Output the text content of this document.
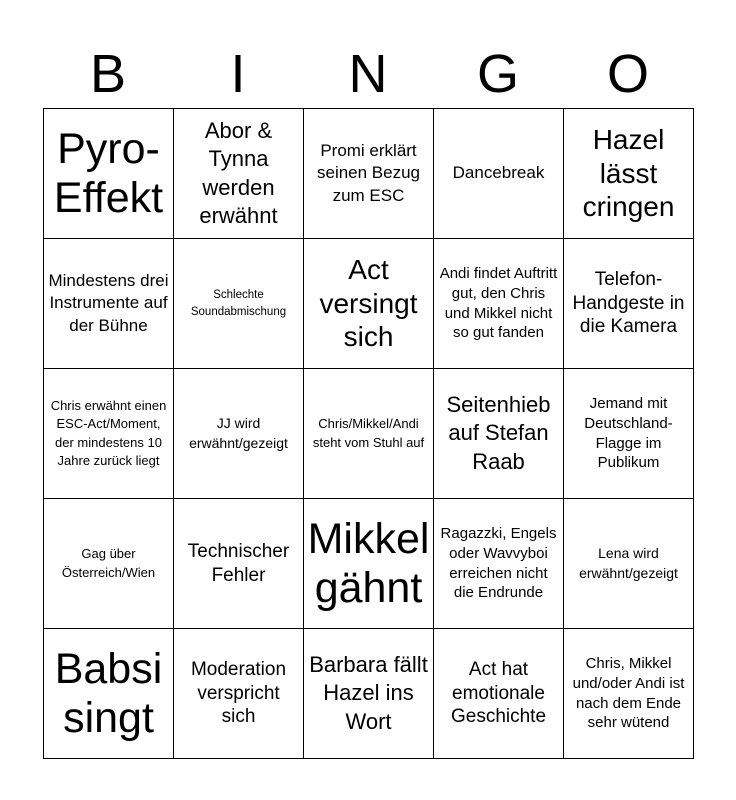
B	I	N	G	O
Pyro-Effekt
Abor & Tynna werden erwähnt
Promi erklärt seinen Bezug zum ESC
Dancebreak
Hazel lässt cringen
Mindestens drei Instrumente auf der Bühne
Schlechte Soundabmischung
Act versingt sich
Andi findet Auftritt gut, den Chris und Mikkel nicht so gut fanden
Telefon-Handgeste in die Kamera
Chris erwähnt einen ESC-Act/Moment, der mindestens 10 Jahre zurück liegt
JJ wird erwähnt/gezeigt
Chris/Mikkel/Andi steht vom Stuhl auf
Seitenhieb auf Stefan Raab
Jemand mit Deutschland-Flagge im Publikum
Gag über Österreich/Wien
Technischer Fehler
Mikkel gähnt
Ragazzki, Engels oder Wavvyboi erreichen nicht die Endrunde
Lena wird erwähnt/gezeigt
Babsi singt
Moderation verspricht sich
Barbara fällt Hazel ins Wort
Act hat emotionale Geschichte
Chris, Mikkel und/oder Andi ist nach dem Ende sehr wütend
